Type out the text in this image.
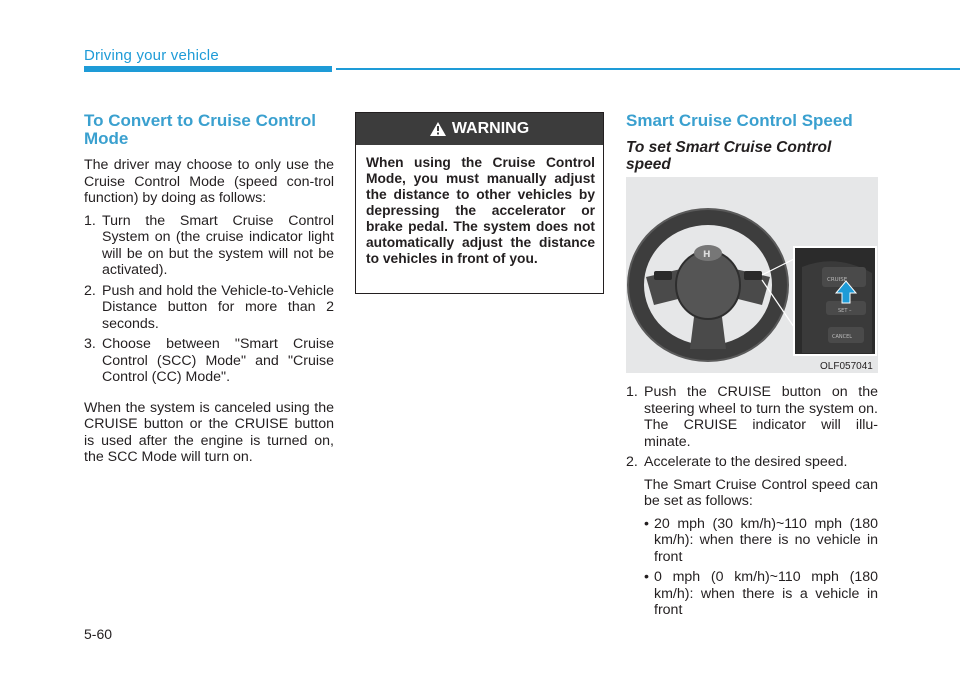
Driving your vehicle
To Convert to Cruise Control Mode

The driver may choose to only use the Cruise Control Mode (speed con-trol function) by doing as follows:

1. Turn the Smart Cruise Control System on (the cruise indicator light will be on but the system will not be activated).
2. Push and hold the Vehicle-to-Vehicle Distance button for more than 2 seconds.
3. Choose between "Smart Cruise Control (SCC) Mode" and "Cruise Control (CC) Mode".

When the system is canceled using the CRUISE button or the CRUISE button is used after the engine is turned on, the SCC Mode will turn on.

WARNING
When using the Cruise Control Mode, you must manually adjust the distance to other vehicles by depressing the accelerator or brake pedal. The system does not automatically adjust the distance to vehicles in front of you.
Smart Cruise Control Speed
To set Smart Cruise Control speed
H
CRUISE
SET –
CANCEL
OLF057041
1. Push the CRUISE button on the steering wheel to turn the system on. The CRUISE indicator will illu-minate.
2. Accelerate to the desired speed.

The Smart Cruise Control speed can be set as follows:

• 20 mph (30 km/h)~110 mph (180 km/h): when there is no vehicle in front
• 0 mph (0 km/h)~110 mph (180 km/h): when there is a vehicle in front
5-60
